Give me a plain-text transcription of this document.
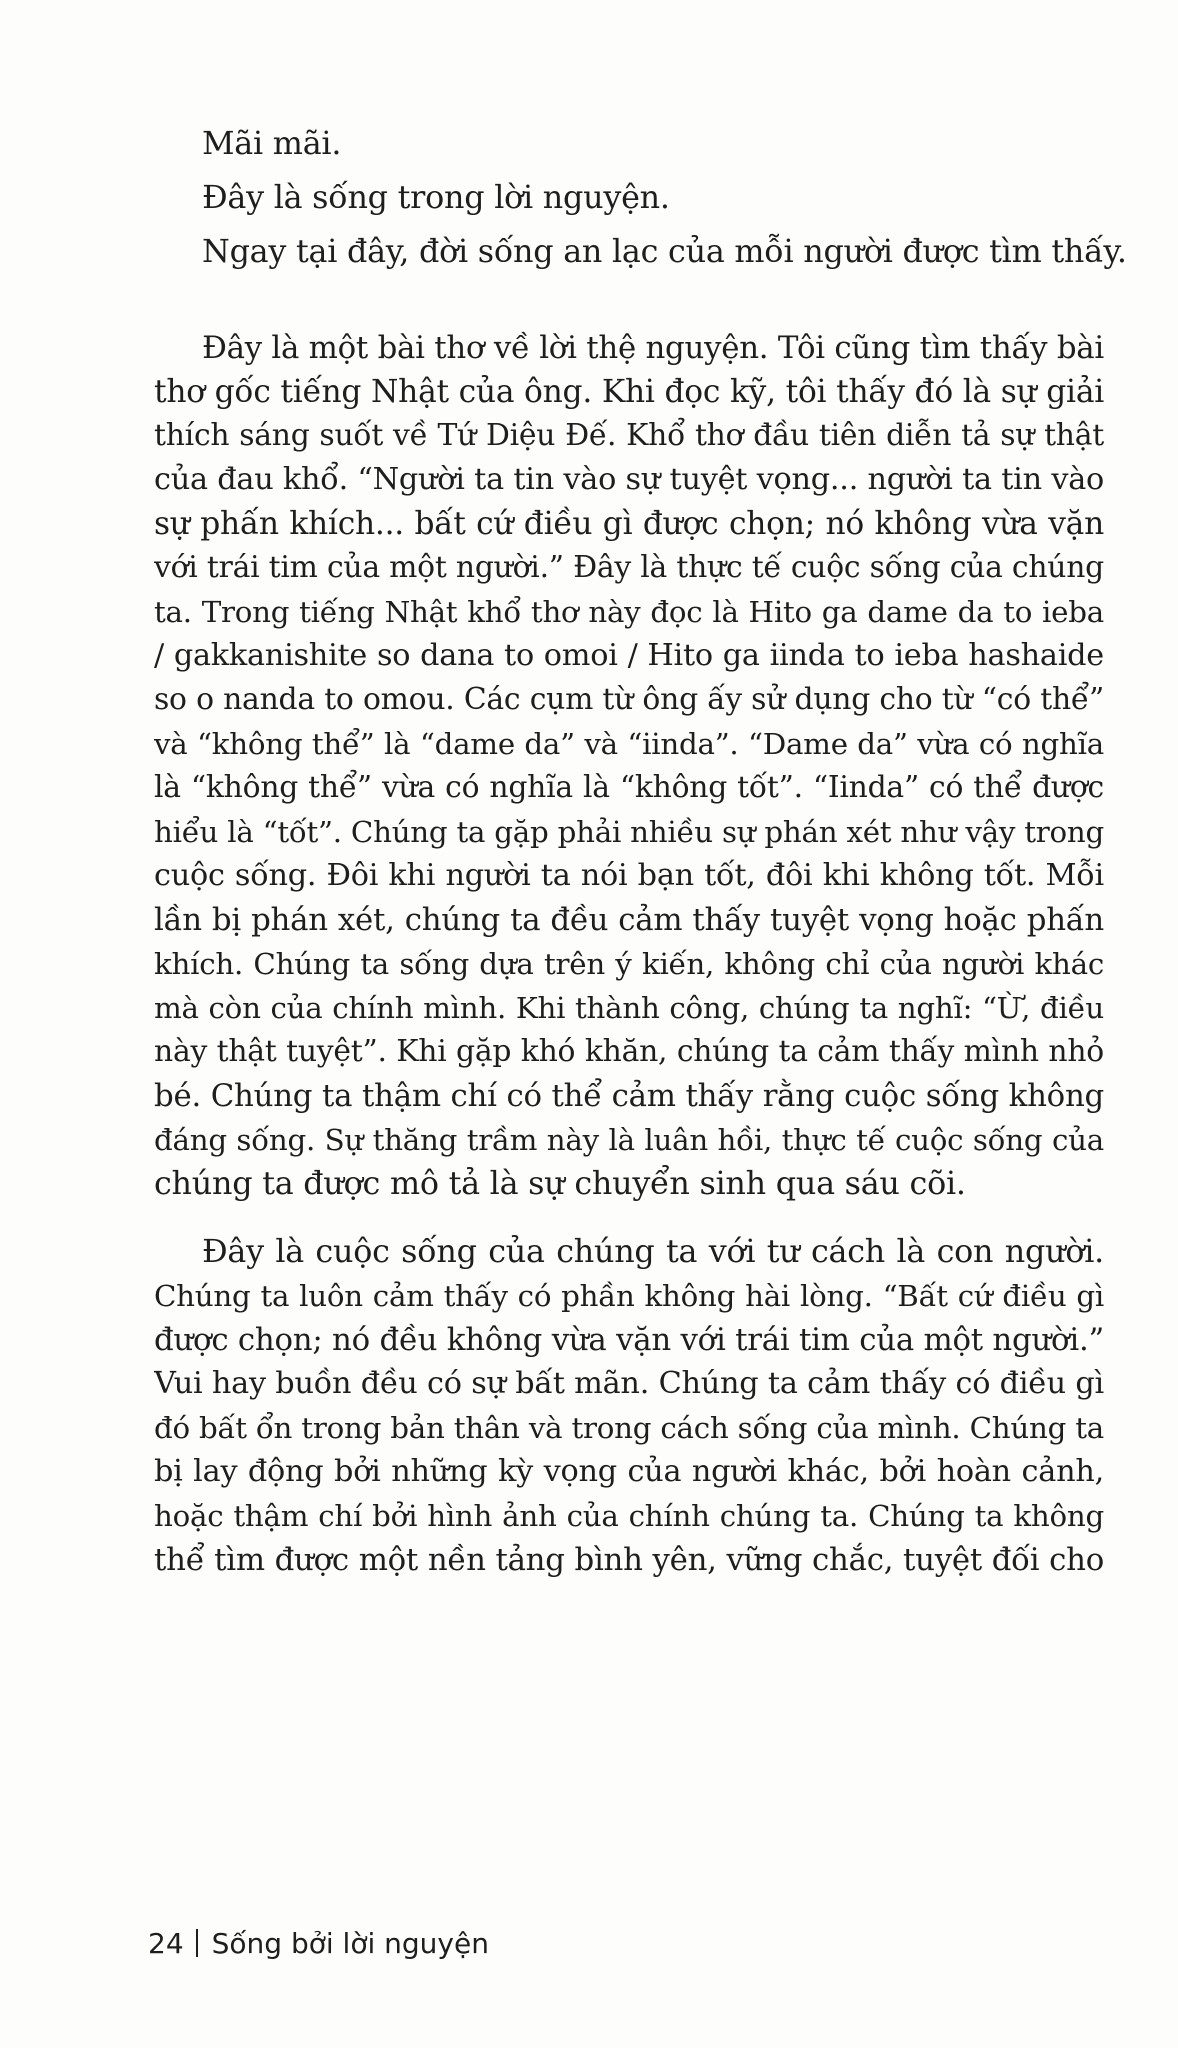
Mãi mãi.
Đây là sống trong lời nguyện.
Ngay tại đây, đời sống an lạc của mỗi người được tìm thấy.
Đây là một bài thơ về lời thệ nguyện. Tôi cũng tìm thấy bài
thơ gốc tiếng Nhật của ông. Khi đọc kỹ, tôi thấy đó là sự giải
thích sáng suốt về Tứ Diệu Đế. Khổ thơ đầu tiên diễn tả sự thật
của đau khổ. “Người ta tin vào sự tuyệt vọng... người ta tin vào
sự phấn khích... bất cứ điều gì được chọn; nó không vừa vặn
với trái tim của một người.” Đây là thực tế cuộc sống của chúng
ta. Trong tiếng Nhật khổ thơ này đọc là Hito ga dame da to ieba
/ gakkanishite so dana to omoi / Hito ga iinda to ieba hashaide
so o nanda to omou. Các cụm từ ông ấy sử dụng cho từ “có thể”
và “không thể” là “dame da” và “iinda”. “Dame da” vừa có nghĩa
là “không thể” vừa có nghĩa là “không tốt”. “Iinda” có thể được
hiểu là “tốt”. Chúng ta gặp phải nhiều sự phán xét như vậy trong
cuộc sống. Đôi khi người ta nói bạn tốt, đôi khi không tốt. Mỗi
lần bị phán xét, chúng ta đều cảm thấy tuyệt vọng hoặc phấn
khích. Chúng ta sống dựa trên ý kiến, không chỉ của người khác
mà còn của chính mình. Khi thành công, chúng ta nghĩ: “Ừ, điều
này thật tuyệt”. Khi gặp khó khăn, chúng ta cảm thấy mình nhỏ
bé. Chúng ta thậm chí có thể cảm thấy rằng cuộc sống không
đáng sống. Sự thăng trầm này là luân hồi, thực tế cuộc sống của
chúng ta được mô tả là sự chuyển sinh qua sáu cõi.
Đây là cuộc sống của chúng ta với tư cách là con người.
Chúng ta luôn cảm thấy có phần không hài lòng. “Bất cứ điều gì
được chọn; nó đều không vừa vặn với trái tim của một người.”
Vui hay buồn đều có sự bất mãn. Chúng ta cảm thấy có điều gì
đó bất ổn trong bản thân và trong cách sống của mình. Chúng ta
bị lay động bởi những kỳ vọng của người khác, bởi hoàn cảnh,
hoặc thậm chí bởi hình ảnh của chính chúng ta. Chúng ta không
thể tìm được một nền tảng bình yên, vững chắc, tuyệt đối cho
24 Sống bởi lời nguyện
